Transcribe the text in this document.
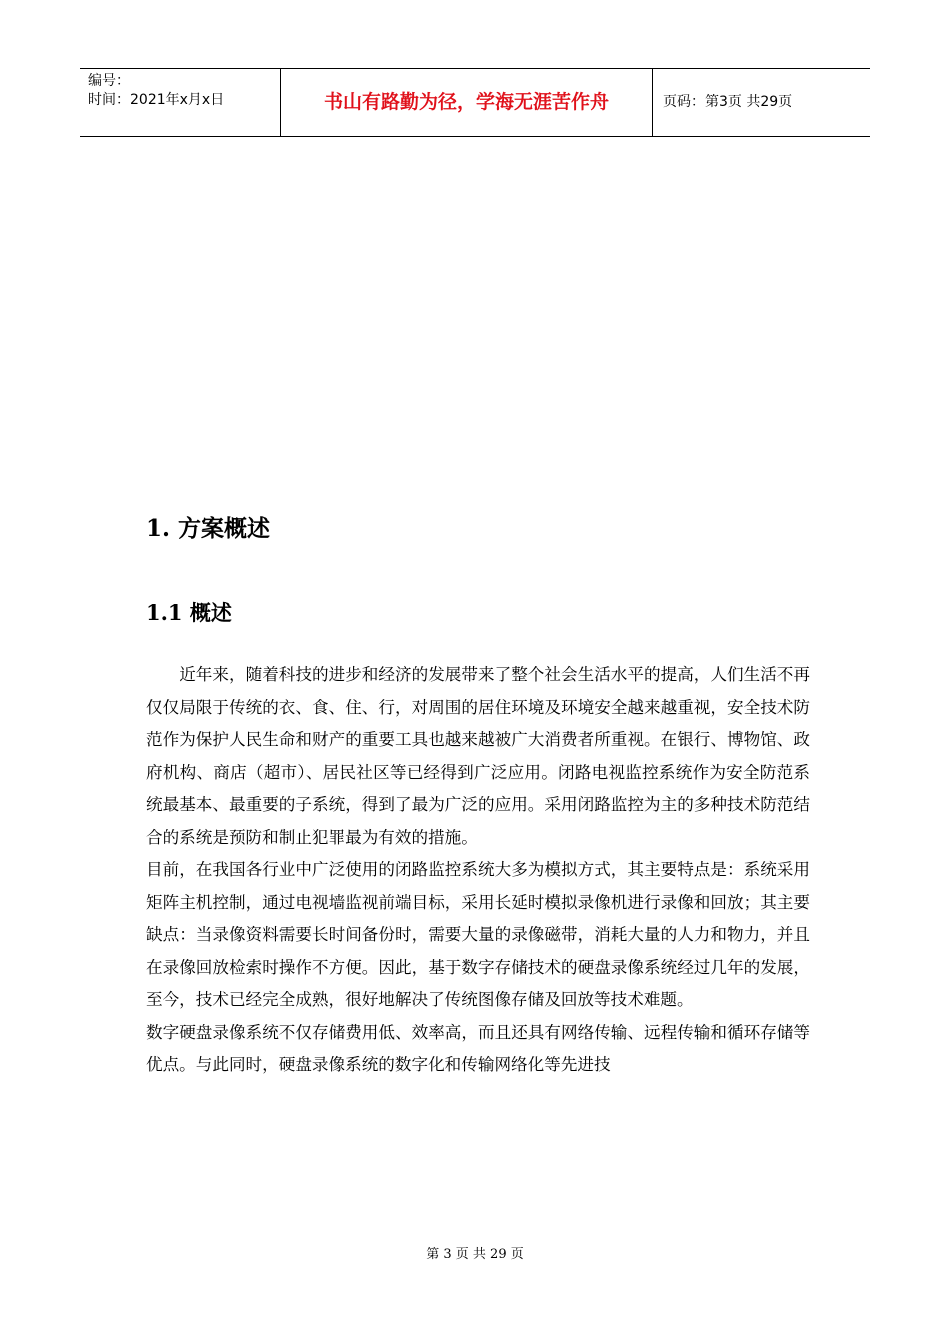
编号：
时间：2021年x月x日	书山有路勤为径，学海无涯苦作舟	页码：第3页 共29页
1. 方案概述
1.1 概述

近年来，随着科技的进步和经济的发展带来了整个社会生活水平的提高，人们生活不再仅仅局限于传统的衣、食、住、行，对周围的居住环境及环境安全越来越重视，安全技术防范作为保护人民生命和财产的重要工具也越来越被广大消费者所重视。在银行、博物馆、政府机构、商店（超市）、居民社区等已经得到广泛应用。闭路电视监控系统作为安全防范系统最基本、最重要的子系统，得到了最为广泛的应用。采用闭路监控为主的多种技术防范结合的系统是预防和制止犯罪最为有效的措施。

目前，在我国各行业中广泛使用的闭路监控系统大多为模拟方式，其主要特点是：系统采用矩阵主机控制，通过电视墙监视前端目标，采用长延时模拟录像机进行录像和回放；其主要缺点：当录像资料需要长时间备份时，需要大量的录像磁带，消耗大量的人力和物力，并且在录像回放检索时操作不方便。因此，基于数字存储技术的硬盘录像系统经过几年的发展，至今，技术已经完全成熟，很好地解决了传统图像存储及回放等技术难题。

数字硬盘录像系统不仅存储费用低、效率高，而且还具有网络传输、远程传输和循环存储等优点。与此同时，硬盘录像系统的数字化和传输网络化等先进技

第 3 页 共 29 页
